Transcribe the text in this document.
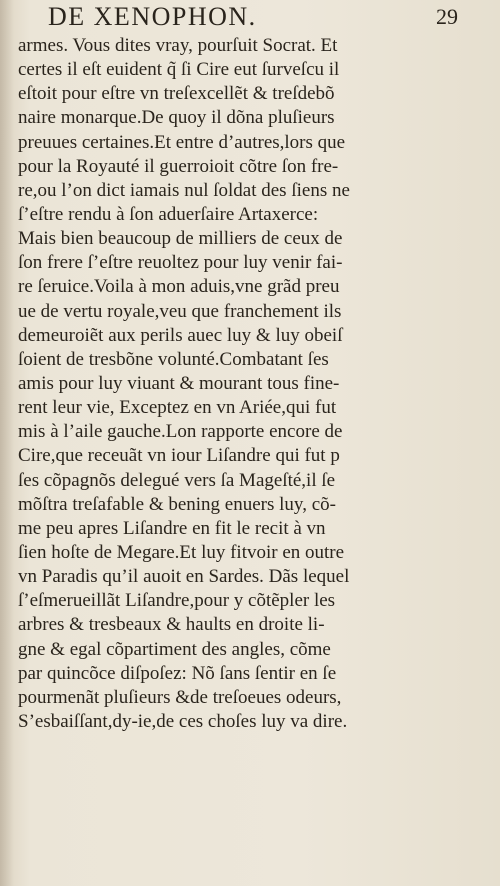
DE XENOPHON.	29
armes. Vous dites vray, pourſuit Socrat. Et
certes il eſt euident q̃ ſi Cire eut ſurveſcu il
eſtoit pour eſtre vn treſexcellẽt & treſdebõ
naire monarque.De quoy il dõna pluſieurs
preuues certaines.Et entre d’autres,lors que
pour la Royauté il guerroioit cõtre ſon fre-
re,ou l’on dict iamais nul ſoldat des ſiens ne
ſ’eſtre rendu à ſon aduerſaire Artaxerce:
Mais bien beaucoup de milliers de ceux de
ſon frere ſ’eſtre reuoltez pour luy venir fai-
re ſeruice.Voila à mon aduis,vne grãd preu
ue de vertu royale,veu que franchement ils
demeuroiẽt aux perils auec luy & luy obeiſ
ſoient de tresbõne volunté.Combatant ſes
amis pour luy viuant & mourant tous fine-
rent leur vie, Exceptez en vn Ariée,qui fut
mis à l’aile gauche.Lon rapporte encore de
Cire,que receuãt vn iour Liſandre qui fut p
ſes cõpagnõs delegué vers ſa Mageſté,il ſe
mõſtra treſafable & bening enuers luy, cõ-
me peu apres Liſandre en fit le recit à vn
ſien hoſte de Megare.Et luy fitvoir en outre
vn Paradis qu’il auoit en Sardes. Dãs lequel
ſ’eſmerueillãt Liſandre,pour y cõtẽpler les
arbres & tresbeaux & haults en droite li-
gne & egal cõpartiment des angles, cõme
par quincõce diſpoſez: Nõ ſans ſentir en ſe
pourmenãt pluſieurs &de treſoeues odeurs,
S’esbaiſſant,dy-ie,de ces choſes luy va dire.
